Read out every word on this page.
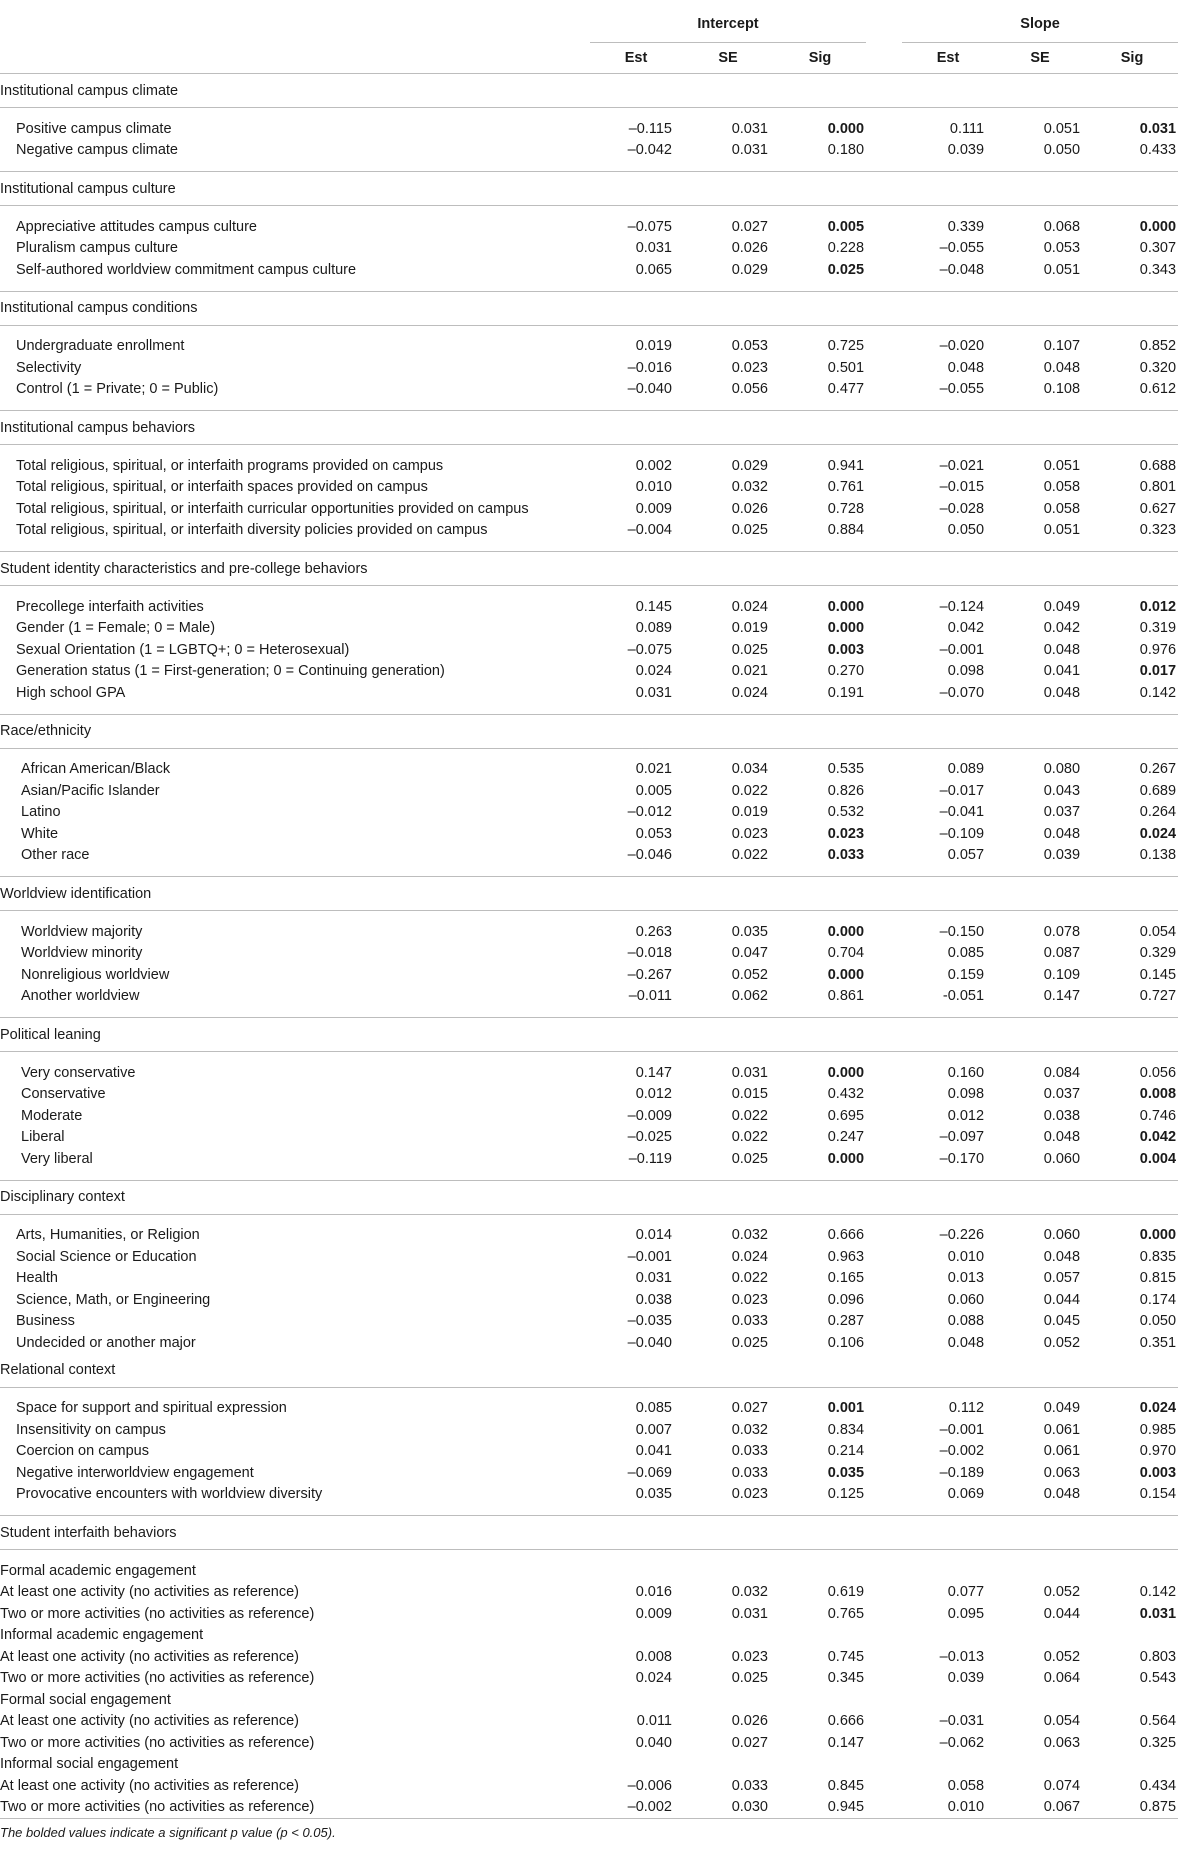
	Intercept				Slope		
	Est	SE	Sig		Est	SE	Sig
Institutional campus climate							
Positive campus climate	–0.115	0.031	0.000		0.111	0.051	0.031
Negative campus climate	–0.042	0.031	0.180		0.039	0.050	0.433
Institutional campus culture							
Appreciative attitudes campus culture	–0.075	0.027	0.005		0.339	0.068	0.000
Pluralism campus culture	0.031	0.026	0.228		–0.055	0.053	0.307
Self-authored worldview commitment campus culture	0.065	0.029	0.025		–0.048	0.051	0.343
Institutional campus conditions							
Undergraduate enrollment	0.019	0.053	0.725		–0.020	0.107	0.852
Selectivity	–0.016	0.023	0.501		0.048	0.048	0.320
Control (1 = Private; 0 = Public)	–0.040	0.056	0.477		–0.055	0.108	0.612
Institutional campus behaviors							
Total religious, spiritual, or interfaith programs provided on campus	0.002	0.029	0.941		–0.021	0.051	0.688
Total religious, spiritual, or interfaith spaces provided on campus	0.010	0.032	0.761		–0.015	0.058	0.801
Total religious, spiritual, or interfaith curricular opportunities provided on campus	0.009	0.026	0.728		–0.028	0.058	0.627
Total religious, spiritual, or interfaith diversity policies provided on campus	–0.004	0.025	0.884		0.050	0.051	0.323
Student identity characteristics and pre-college behaviors							
Precollege interfaith activities	0.145	0.024	0.000		–0.124	0.049	0.012
Gender (1 = Female; 0 = Male)	0.089	0.019	0.000		0.042	0.042	0.319
Sexual Orientation (1 = LGBTQ+; 0 = Heterosexual)	–0.075	0.025	0.003		–0.001	0.048	0.976
Generation status (1 = First-generation; 0 = Continuing generation)	0.024	0.021	0.270		0.098	0.041	0.017
High school GPA	0.031	0.024	0.191		–0.070	0.048	0.142
Race/ethnicity							
African American/Black	0.021	0.034	0.535		0.089	0.080	0.267
Asian/Pacific Islander	0.005	0.022	0.826		–0.017	0.043	0.689
Latino	–0.012	0.019	0.532		–0.041	0.037	0.264
White	0.053	0.023	0.023		–0.109	0.048	0.024
Other race	–0.046	0.022	0.033		0.057	0.039	0.138
Worldview identification							
Worldview majority	0.263	0.035	0.000		–0.150	0.078	0.054
Worldview minority	–0.018	0.047	0.704		0.085	0.087	0.329
Nonreligious worldview	–0.267	0.052	0.000		0.159	0.109	0.145
Another worldview	–0.011	0.062	0.861		-0.051	0.147	0.727
Political leaning							
Very conservative	0.147	0.031	0.000		0.160	0.084	0.056
Conservative	0.012	0.015	0.432		0.098	0.037	0.008
Moderate	–0.009	0.022	0.695		0.012	0.038	0.746
Liberal	–0.025	0.022	0.247		–0.097	0.048	0.042
Very liberal	–0.119	0.025	0.000		–0.170	0.060	0.004
Disciplinary context							
Arts, Humanities, or Religion	0.014	0.032	0.666		–0.226	0.060	0.000
Social Science or Education	–0.001	0.024	0.963		0.010	0.048	0.835
Health	0.031	0.022	0.165		0.013	0.057	0.815
Science, Math, or Engineering	0.038	0.023	0.096		0.060	0.044	0.174
Business	–0.035	0.033	0.287		0.088	0.045	0.050
Undecided or another major	–0.040	0.025	0.106		0.048	0.052	0.351
Relational context							
Space for support and spiritual expression	0.085	0.027	0.001		0.112	0.049	0.024
Insensitivity on campus	0.007	0.032	0.834		–0.001	0.061	0.985
Coercion on campus	0.041	0.033	0.214		–0.002	0.061	0.970
Negative interworldview engagement	–0.069	0.033	0.035		–0.189	0.063	0.003
Provocative encounters with worldview diversity	0.035	0.023	0.125		0.069	0.048	0.154
Student interfaith behaviors							
Formal academic engagement							
At least one activity (no activities as reference)	0.016	0.032	0.619		0.077	0.052	0.142
Two or more activities (no activities as reference)	0.009	0.031	0.765		0.095	0.044	0.031
Informal academic engagement							
At least one activity (no activities as reference)	0.008	0.023	0.745		–0.013	0.052	0.803
Two or more activities (no activities as reference)	0.024	0.025	0.345		0.039	0.064	0.543
Formal social engagement							
At least one activity (no activities as reference)	0.011	0.026	0.666		–0.031	0.054	0.564
Two or more activities (no activities as reference)	0.040	0.027	0.147		–0.062	0.063	0.325
Informal social engagement							
At least one activity (no activities as reference)	–0.006	0.033	0.845		0.058	0.074	0.434
Two or more activities (no activities as reference)	–0.002	0.030	0.945		0.010	0.067	0.875
The bolded values indicate a significant p value (p < 0.05).
